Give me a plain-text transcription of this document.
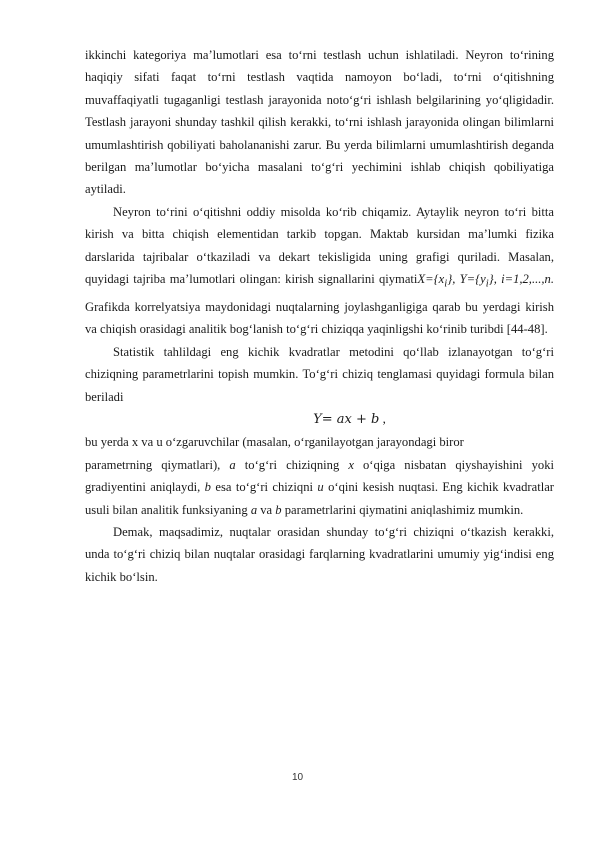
ikkinchi kategoriya ma’lumotlari esa to‘rni testlash uchun ishlatiladi. Neyron to‘rining haqiqiy sifati faqat to‘rni testlash vaqtida namoyon bo‘ladi, to‘rni o‘qitishning muvaffaqiyatli tugaganligi testlash jarayonida noto‘g‘ri ishlash belgilarining yo‘qligidadir. Testlash jarayoni shunday tashkil qilish kerakki, to‘rni ishlash jarayonida olingan bilimlarni umumlashtirish qobiliyati baholananishi zarur. Bu yerda bilimlarni umumlashtirish deganda berilgan ma’lumotlar bo‘yicha masalani to‘g‘ri yechimini ishlab chiqish qobiliyatiga aytiladi.

Neyron to‘rini o‘qitishni oddiy misolda ko‘rib chiqamiz. Aytaylik neyron to‘ri bitta kirish va bitta chiqish elementidan tarkib topgan. Maktab kursidan ma’lumki fizika darslarida tajribalar o‘tkaziladi va dekart tekisligida uning grafigi quriladi. Masalan, quyidagi tajriba ma’lumotlari olingan: kirish signallarini $qiymatiX=\{x_i\}$, $Y=\{y_i\}$, i=1,2,...,n. Grafikda korrelyatsiya maydonidagi nuqtalarning joylashganligiga qarab bu yerdagi kirish va chiqish orasidagi analitik bog‘lanish to‘g‘ri chiziqqa yaqinligshi ko‘rinib turibdi [44-48].

Statistik tahlildagi eng kichik kvadratlar metodini qo‘llab izlanayotgan to‘g‘ri chiziqning parametrlarini topish mumkin. To‘g‘ri chiziq tenglamasi quyidagi formula bilan beriladi

Y= ax + b ,

bu yerda x va u o‘zgaruvchilar (masalan, o‘rganilayotgan jarayondagi biror

parametrning qiymatlari), a to‘g‘ri chiziqning x o‘qiga nisbatan qiyshayishini yoki gradiyentini aniqlaydi, b esa to‘g‘ri chiziqni u o‘qini kesish nuqtasi. Eng kichik kvadratlar usuli bilan analitik funksiyaning a va b parametrlarini qiymatini aniqlashimiz mumkin.

Demak, maqsadimiz, nuqtalar orasidan shunday to‘g‘ri chiziqni o‘tkazish kerakki, unda to‘g‘ri chiziq bilan nuqtalar orasidagi farqlarning kvadratlarini umumiy yig‘indisi eng kichik bo‘lsin.

10
